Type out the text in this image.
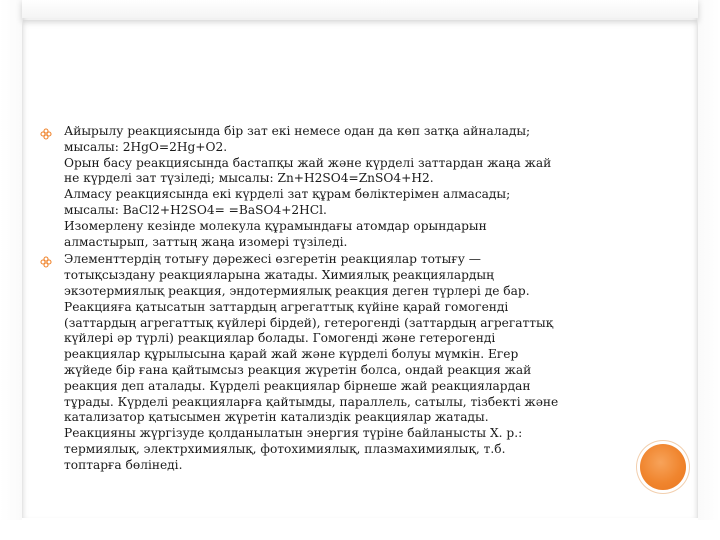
Айырылу реакциясында бір зат екі немесе одан да көп затқа айналады;
мысалы: 2HgO=2Hg+O2.
Орын басу реакциясында бастапқы жай және күрделі заттардан жаңа жай
не күрделі зат түзіледі; мысалы: Zn+H2SO4=ZnSO4+H2.
Алмасу реакциясында екі күрделі зат құрам бөліктерімен алмасады;
мысалы: BaCl2+H2SO4= =BaSO4+2HCl.
Изомерлену кезінде молекула құрамындағы атомдар орындарын
алмастырып, заттың жаңа изомері түзіледі.
Элементтердің тотығу дәрежесі өзгеретін реакциялар тотығу —
тотықсыздану реакцияларына жатады. Химиялық реакциялардың
экзотермиялық реакция, эндотермиялық реакция деген түрлері де бар.
Реакцияға қатысатын заттардың агрегаттық күйіне қарай гомогенді
(заттардың агрегаттық күйлері бірдей), гетерогенді (заттардың агрегаттық
күйлері әр түрлі) реакциялар болады. Гомогенді және гетерогенді
реакциялар құрылысына қарай жай және күрделі болуы мүмкін. Егер
жүйеде бір ғана қайтымсыз реакция жүретін болса, ондай реакция жай
реакция деп аталады. Күрделі реакциялар бірнеше жай реакциялардан
тұрады. Күрделі реакцияларға қайтымды, параллель, сатылы, тізбекті және
катализатор қатысымен жүретін катализдік реакциялар жатады.
Реакцияны жүргізуде қолданылатын энергия түріне байланысты Х. р.:
термиялық, электрхимиялық, фотохимиялық, плазмахимиялық, т.б.
топтарға бөлінеді.
